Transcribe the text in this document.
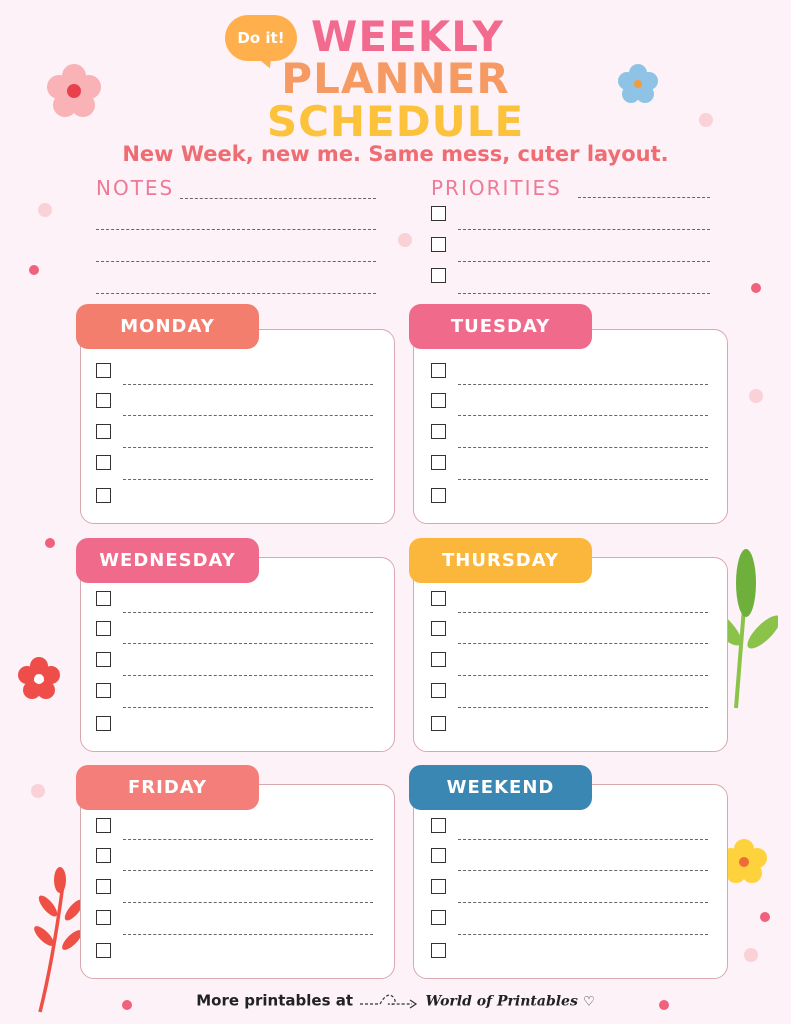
Do it! WEEKLY
PLANNER
SCHEDULE
New Week, new me. Same mess, cuter layout.
NOTES	PRIORITIES
MONDAY	TUESDAY
WEDNESDAY	THURSDAY
FRIDAY	WEEKEND
More printables at	World of Printables ♡
